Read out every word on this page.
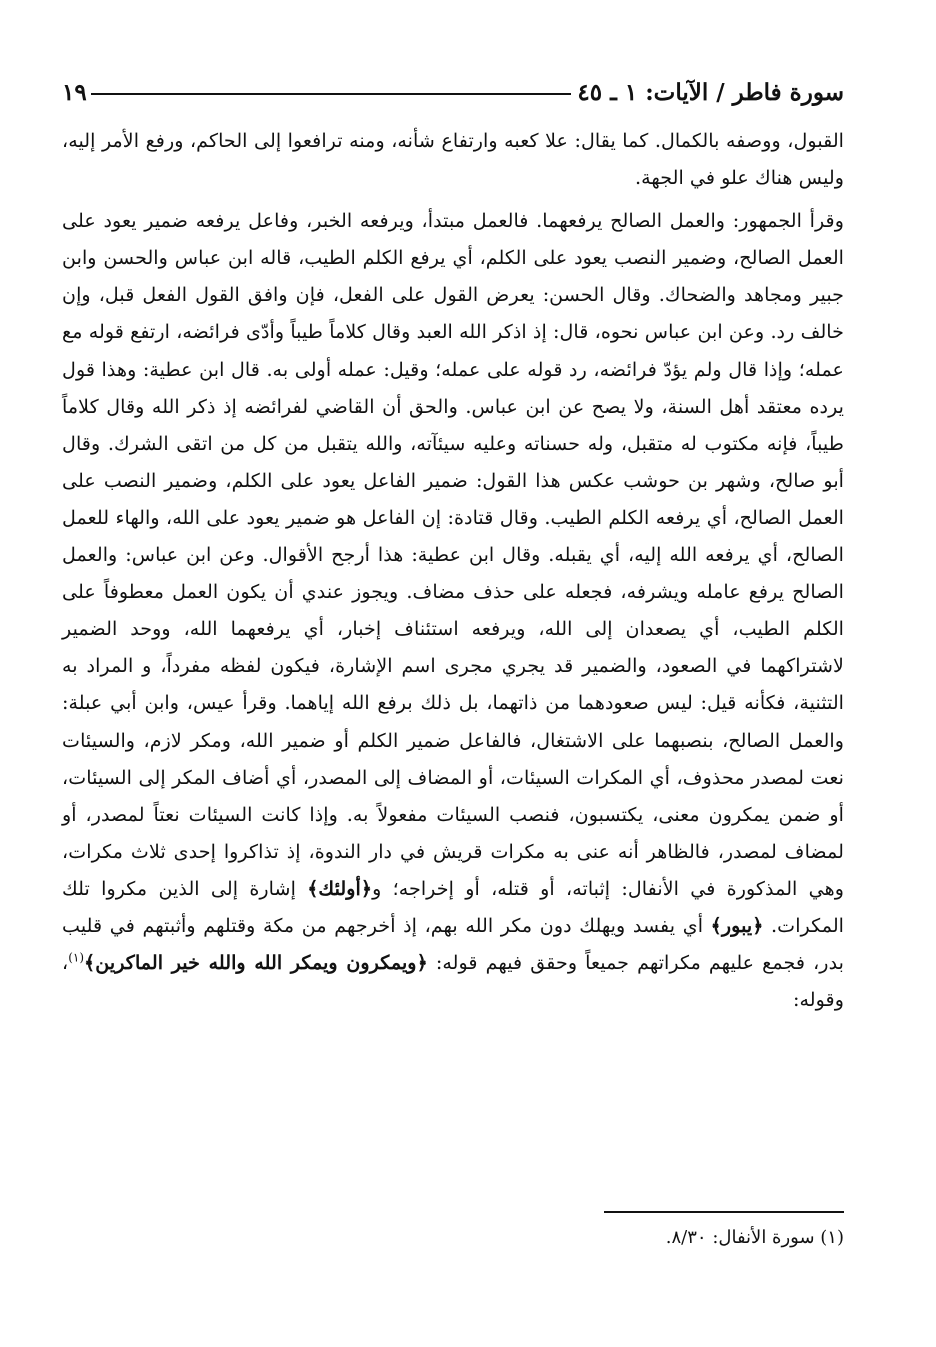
سورة فاطر / الآيات: ١ ـ ٤٥
١٩

القبول، ووصفه بالكمال. كما يقال: علا كعبه وارتفاع شأنه، ومنه ترافعوا إلى الحاكم، ورفع الأمر إليه، وليس هناك علو في الجهة.

وقرأ الجمهور: والعمل الصالح يرفعهما. فالعمل مبتدأ، ويرفعه الخبر، وفاعل يرفعه ضمير يعود على العمل الصالح، وضمير النصب يعود على الكلم، أي يرفع الكلم الطيب، قاله ابن عباس والحسن وابن جبير ومجاهد والضحاك. وقال الحسن: يعرض القول على الفعل، فإن وافق القول الفعل قبل، وإن خالف رد. وعن ابن عباس نحوه، قال: إذ اذكر الله العبد وقال كلاماً طيباً وأدّى فرائضه، ارتفع قوله مع عمله؛ وإذا قال ولم يؤدّ فرائضه، رد قوله على عمله؛ وقيل: عمله أولى به. قال ابن عطية: وهذا قول يرده معتقد أهل السنة، ولا يصح عن ابن عباس. والحق أن القاضي لفرائضه إذ ذكر الله وقال كلاماً طيباً، فإنه مكتوب له متقبل، وله حسناته وعليه سيئآته، والله يتقبل من كل من اتقى الشرك. وقال أبو صالح، وشهر بن حوشب عكس هذا القول: ضمير الفاعل يعود على الكلم، وضمير النصب على العمل الصالح، أي يرفعه الكلم الطيب. وقال قتادة: إن الفاعل هو ضمير يعود على الله، والهاء للعمل الصالح، أي يرفعه الله إليه، أي يقبله. وقال ابن عطية: هذا أرجح الأقوال. وعن ابن عباس: والعمل الصالح يرفع عامله ويشرفه، فجعله على حذف مضاف. ويجوز عندي أن يكون العمل معطوفاً على الكلم الطيب، أي يصعدان إلى الله، ويرفعه استئناف إخبار، أي يرفعهما الله، ووحد الضمير لاشتراكهما في الصعود، والضمير قد يجري مجرى اسم الإشارة، فيكون لفظه مفرداً، و المراد به التثنية، فكأنه قيل: ليس صعودهما من ذاتهما، بل ذلك برفع الله إياهما. وقرأ عيس، وابن أبي عبلة: والعمل الصالح، بنصبهما على الاشتغال، فالفاعل ضمير الكلم أو ضمير الله، ومكر لازم، والسيئات نعت لمصدر محذوف، أي المكرات السيئات، أو المضاف إلى المصدر، أي أضاف المكر إلى السيئات، أو ضمن يمكرون معنى، يكتسبون، فنصب السيئات مفعولاً به. وإذا كانت السيئات نعتاً لمصدر، أو لمضاف لمصدر، فالظاهر أنه عنى به مكرات قريش في دار الندوة، إذ تذاكروا إحدى ثلاث مكرات، وهي المذكورة في الأنفال: إثباته، أو قتله، أو إخراجه؛ و﴿أولئك﴾ إشارة إلى الذين مكروا تلك المكرات. ﴿يبور﴾ أي يفسد ويهلك دون مكر الله بهم، إذ أخرجهم من مكة وقتلهم وأثبتهم في قليب بدر، فجمع عليهم مكراتهم جميعاً وحقق فيهم قوله: ﴿ويمكرون ويمكر الله والله خير الماكرين﴾$^{(١)}$، وقوله:

(١) سورة الأنفال: ٨/٣٠.
